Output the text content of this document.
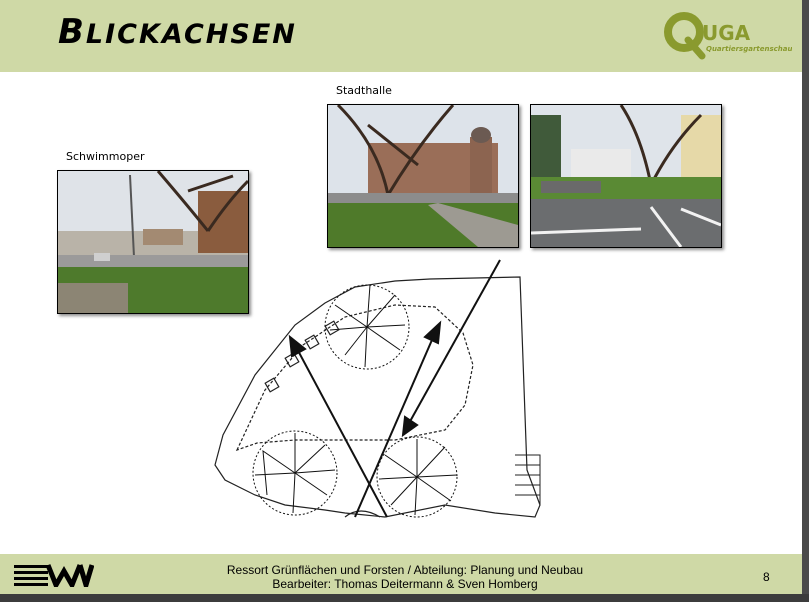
BLICKACHSEN	UGA
Quartiersgartenschau
Schwimmoper
Stadthalle
Ressort Grünflächen und Forsten / Abteilung: Planung und Neubau
Bearbeiter: Thomas Deitermann & Sven Homberg	8
